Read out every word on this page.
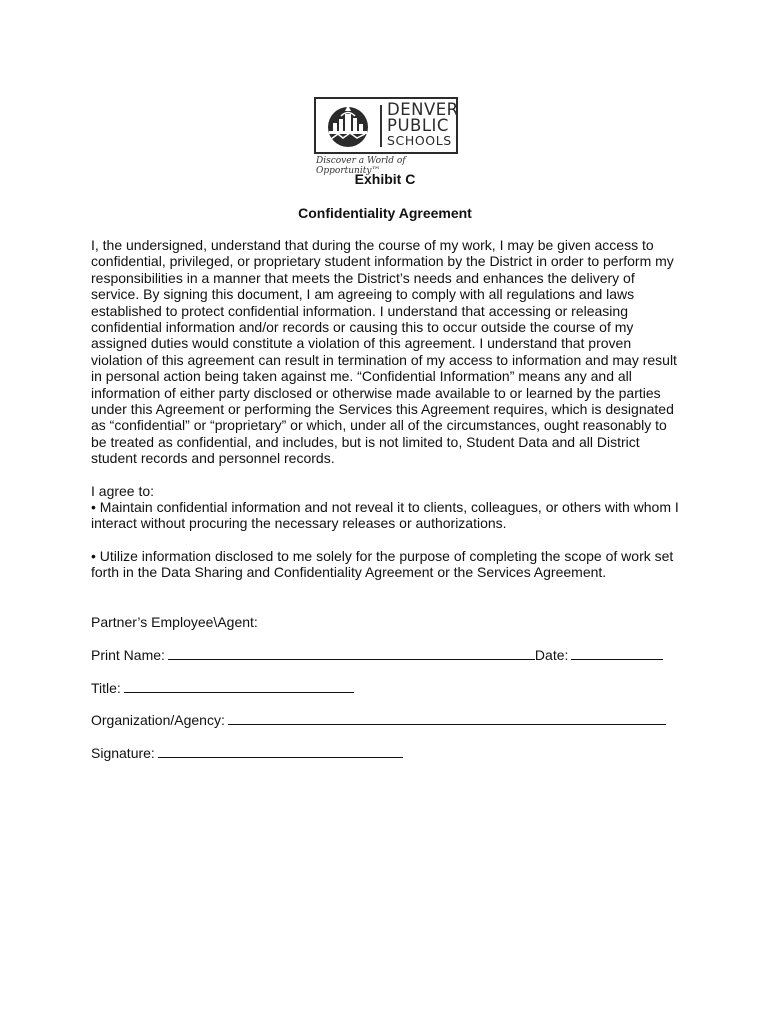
DENVER
PUBLIC
SCHOOLS
Discover a World of Opportunity™
Exhibit C
Confidentiality Agreement

I, the undersigned, understand that during the course of my work, I may be given access to confidential, privileged, or proprietary student information by the District in order to perform my responsibilities in a manner that meets the District’s needs and enhances the delivery of service. By signing this document, I am agreeing to comply with all regulations and laws established to protect confidential information. I understand that accessing or releasing confidential information and/or records or causing this to occur outside the course of my assigned duties would constitute a violation of this agreement. I understand that proven violation of this agreement can result in termination of my access to information and may result in personal action being taken against me. “Confidential Information” means any and all information of either party disclosed or otherwise made available to or learned by the parties under this Agreement or performing the Services this Agreement requires, which is designated as “confidential” or “proprietary” or which, under all of the circumstances, ought reasonably to be treated as confidential, and includes, but is not limited to, Student Data and all District student records and personnel records.

I agree to:

• Maintain confidential information and not reveal it to clients, colleagues, or others with whom I interact without procuring the necessary releases or authorizations.

• Utilize information disclosed to me solely for the purpose of completing the scope of work set forth in the Data Sharing and Confidentiality Agreement or the Services Agreement.

Partner’s Employee\Agent:

Print Name:	Date:
Title:
Organization/Agency:
Signature:
